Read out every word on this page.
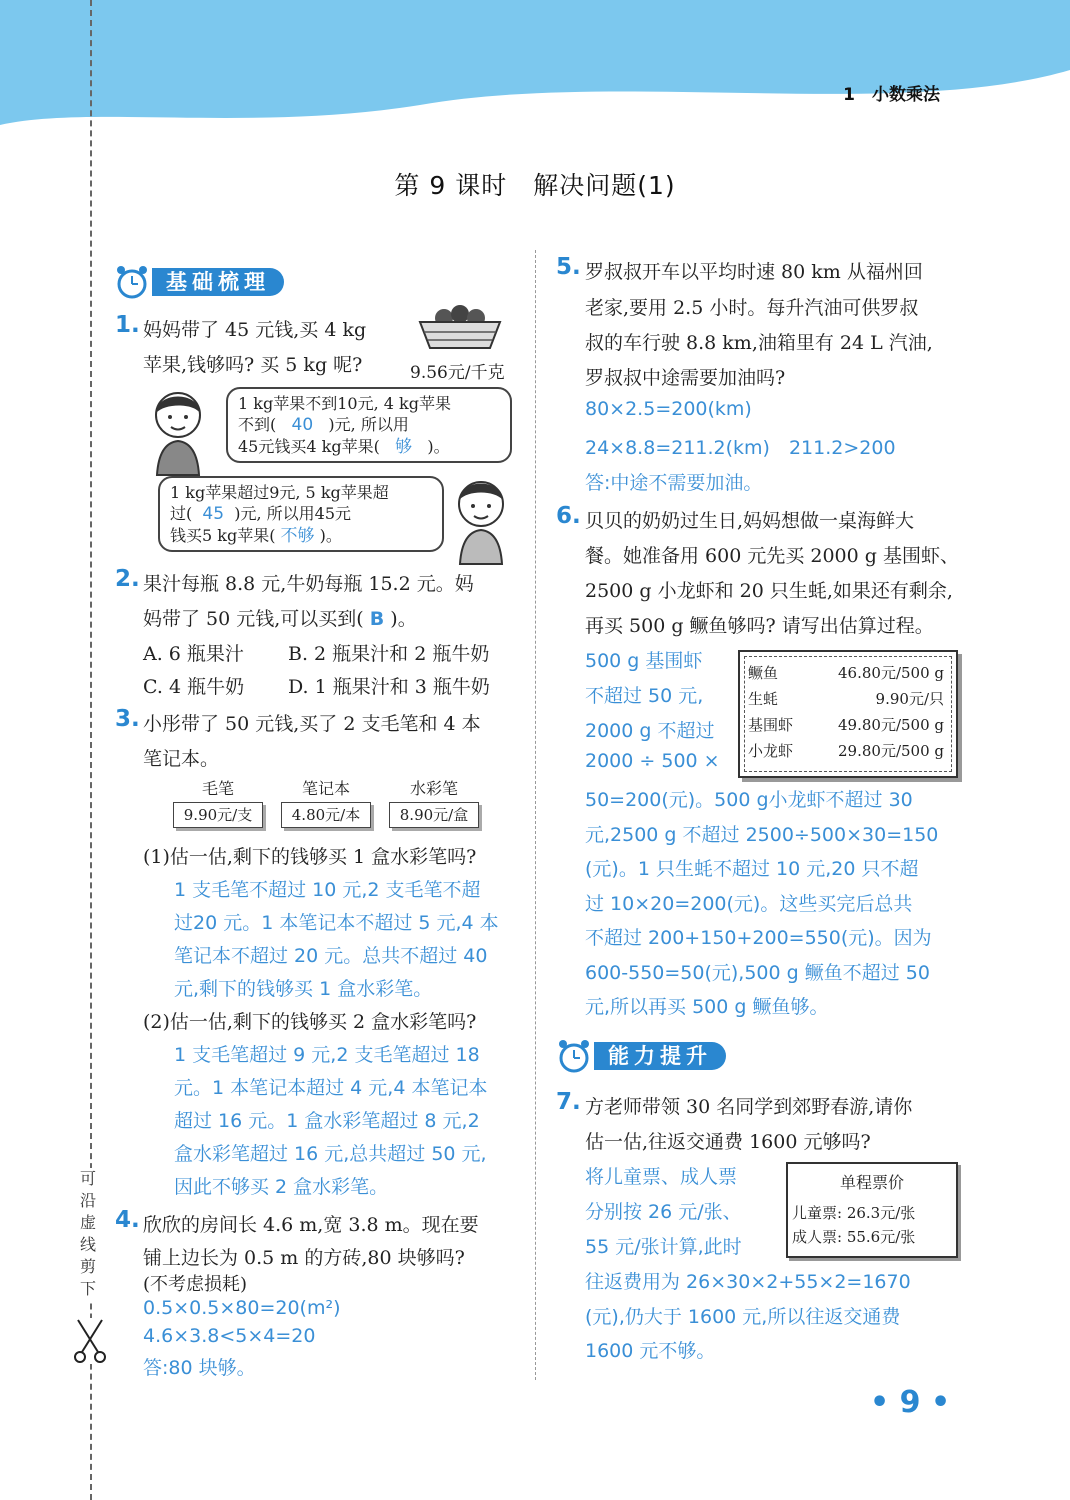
1　小数乘法
可
沿
虚
线
剪
下
第 9 课时　解决问题(1)
基础梳理
1. 妈妈带了 45 元钱,买 4 kg
苹果,钱够吗? 买 5 kg 呢?	9.56元/千克
1 kg苹果不到10元, 4 kg苹果
不到( 40 )元, 所以用
45元钱买4 kg苹果( 够 )。
1 kg苹果超过9元, 5 kg苹果超
过( 45 )元, 所以用45元
钱买5 kg苹果( 不够 )。
2. 果汁每瓶 8.8 元,牛奶每瓶 15.2 元。妈
妈带了 50 元钱,可以买到( B )。
A. 6 瓶果汁 B. 2 瓶果汁和 2 瓶牛奶
C. 4 瓶牛奶 D. 1 瓶果汁和 3 瓶牛奶
3. 小彤带了 50 元钱,买了 2 支毛笔和 4 本
笔记本。
毛笔	笔记本	水彩笔
9.90元/支	4.80元/本	8.90元/盒
(1)估一估,剩下的钱够买 1 盒水彩笔吗?
1 支毛笔不超过 10 元,2 支毛笔不超
过20 元。1 本笔记本不超过 5 元,4 本
笔记本不超过 20 元。总共不超过 40
元,剩下的钱够买 1 盒水彩笔。
(2)估一估,剩下的钱够买 2 盒水彩笔吗?
1 支毛笔超过 9 元,2 支毛笔超过 18
元。1 本笔记本超过 4 元,4 本笔记本
超过 16 元。1 盒水彩笔超过 8 元,2
盒水彩笔超过 16 元,总共超过 50 元,
因此不够买 2 盒水彩笔。
4. 欣欣的房间长 4.6 m,宽 3.8 m。现在要
铺上边长为 0.5 m 的方砖,80 块够吗?
(不考虑损耗)
0.5×0.5×80=20(m²)
4.6×3.8<5×4=20
答:80 块够。
5. 罗叔叔开车以平均时速 80 km 从福州回
老家,要用 2.5 小时。每升汽油可供罗叔
叔的车行驶 8.8 km,油箱里有 24 L 汽油,
罗叔叔中途需要加油吗?
80×2.5=200(km)
24×8.8=211.2(km)　211.2>200
答:中途不需要加油。
6. 贝贝的奶奶过生日,妈妈想做一桌海鲜大
餐。她准备用 600 元先买 2000 g 基围虾、
2500 g 小龙虾和 20 只生蚝,如果还有剩余,
再买 500 g 鳜鱼够吗? 请写出估算过程。
500 g 基围虾
不超过 50 元,
2000 g 不超过
2000 ÷ 500 ×
鳜鱼	46.80元/500 g
生蚝	9.90元/只
基围虾	49.80元/500 g
小龙虾	29.80元/500 g
50=200(元)。500 g小龙虾不超过 30
元,2500 g 不超过 2500÷500×30=150
(元)。1 只生蚝不超过 10 元,20 只不超
过 10×20=200(元)。这些买完后总共
不超过 200+150+200=550(元)。因为
600-550=50(元),500 g 鳜鱼不超过 50
元,所以再买 500 g 鳜鱼够。
能力提升
7. 方老师带领 30 名同学到郊野春游,请你
估一估,往返交通费 1600 元够吗?
将儿童票、成人票
分别按 26 元/张、
55 元/张计算,此时
单程票价
儿童票: 26.3元/张
成人票: 55.6元/张
往返费用为 26×30×2+55×2=1670
(元),仍大于 1600 元,所以往返交通费
1600 元不够。
• 9 •
